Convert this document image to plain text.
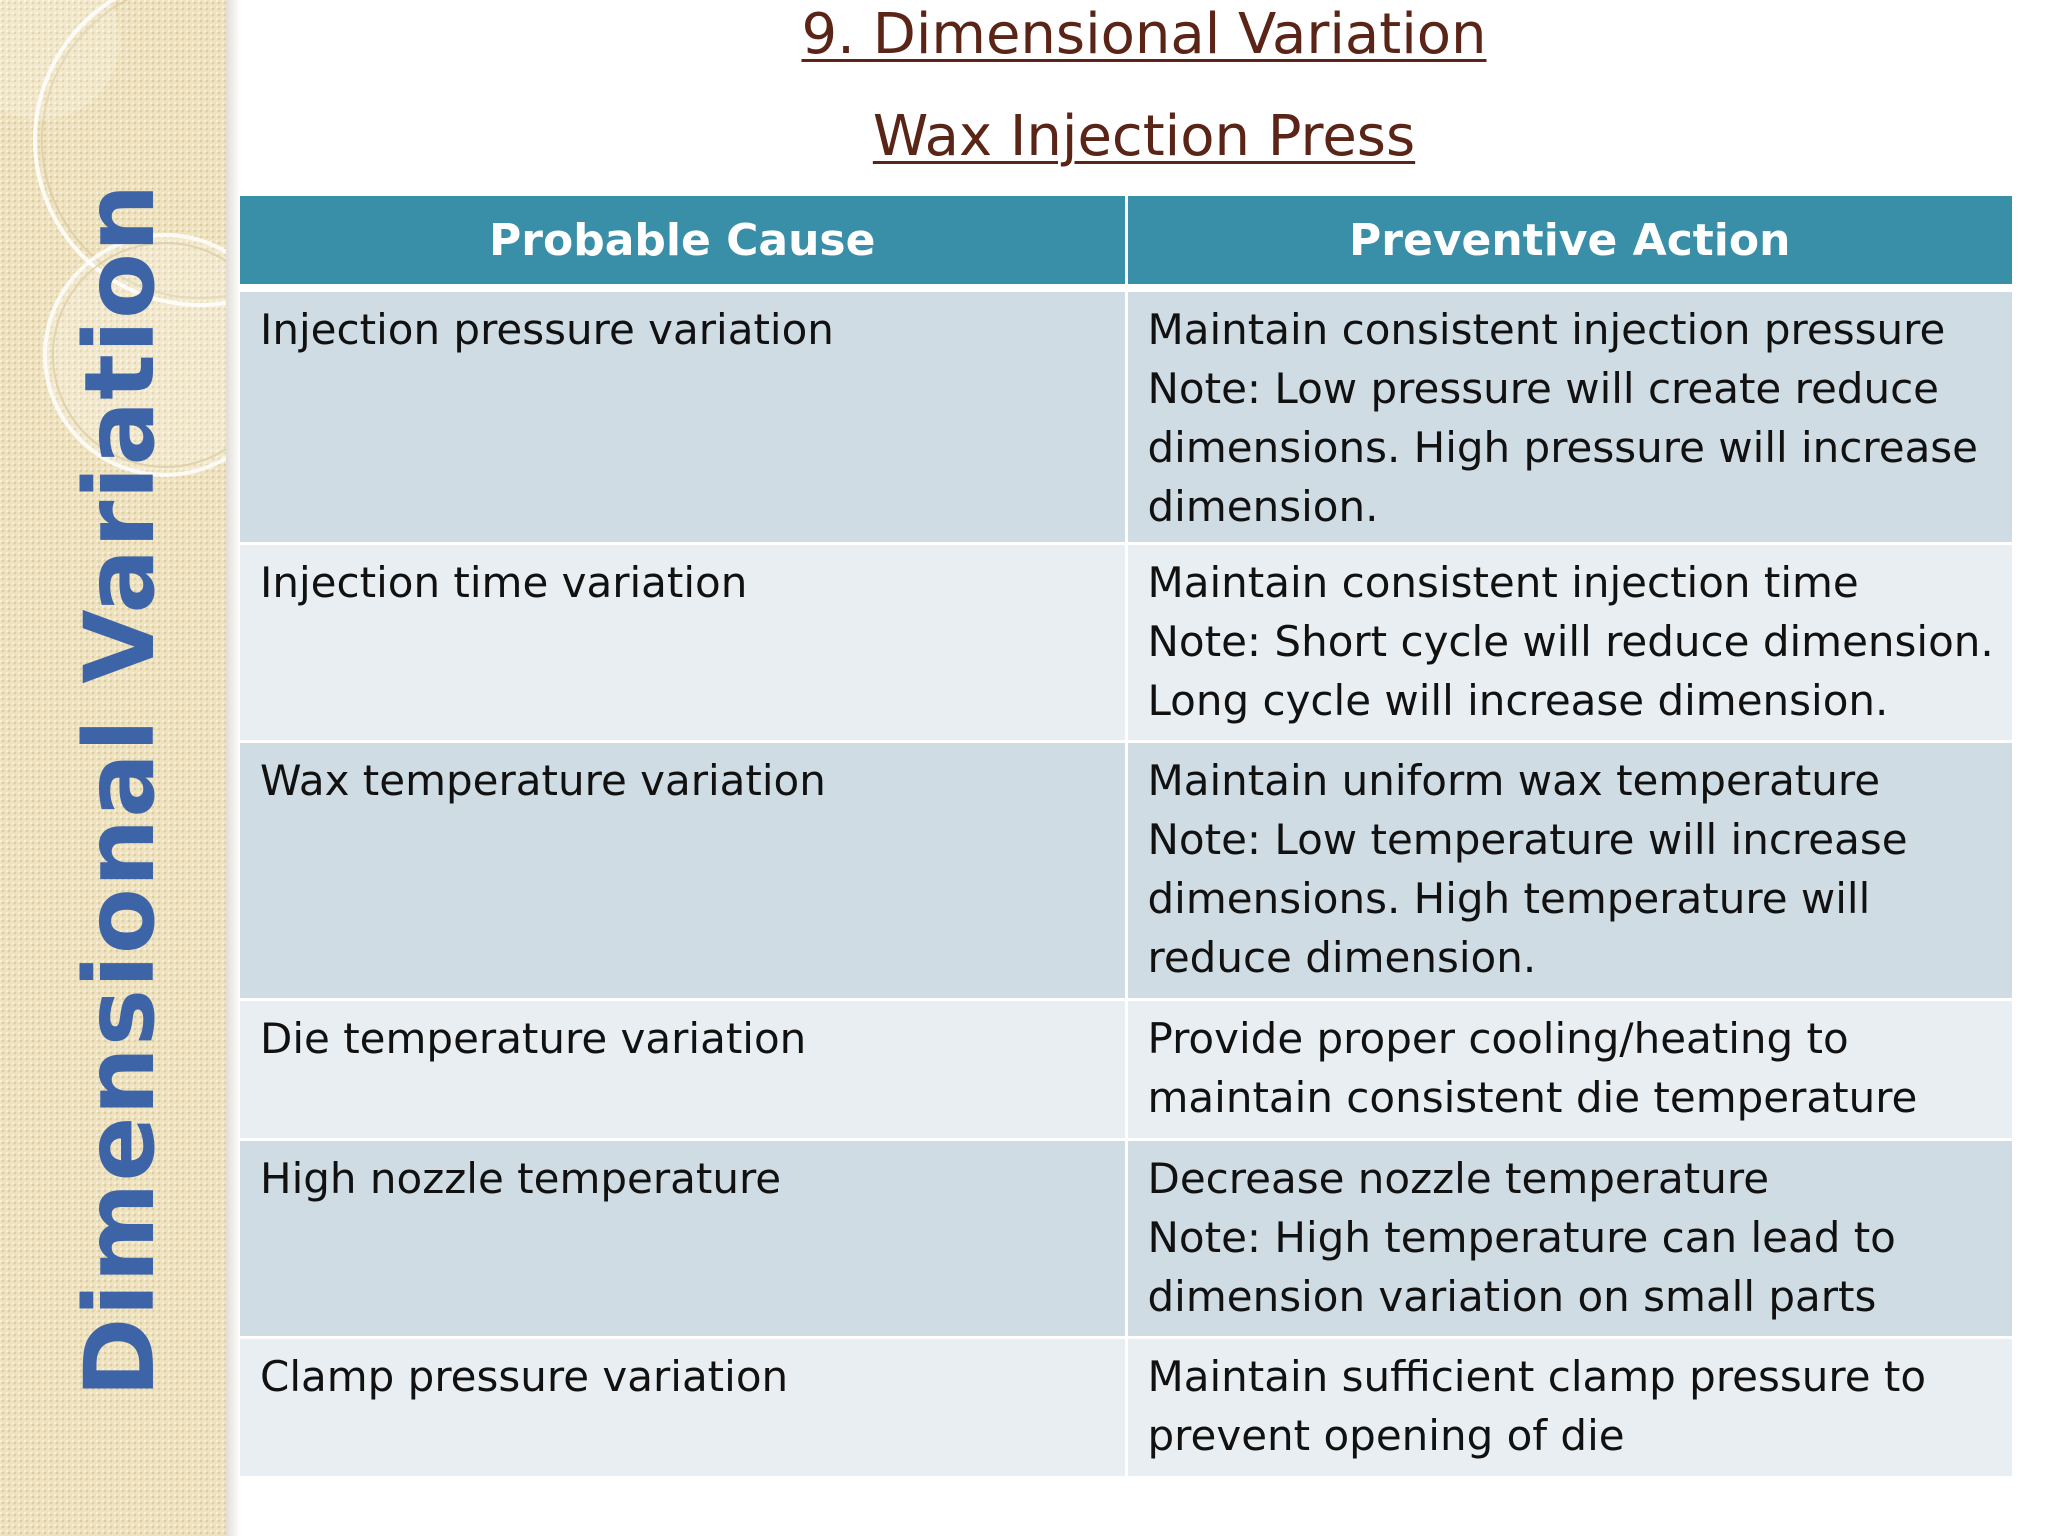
Dimensional Variation
9. Dimensional Variation
Wax Injection Press
Probable Cause	Preventive Action
Injection pressure variation	Maintain consistent injection pressure
Note: Low pressure will create reduce
dimensions. High pressure will increase
dimension.

Injection time variation	Maintain consistent injection time
Note: Short cycle will reduce dimension.
Long cycle will increase dimension.

Wax temperature variation	Maintain uniform wax temperature
Note: Low temperature will increase
dimensions. High temperature will
reduce dimension.

Die temperature variation	Provide proper cooling/heating to
maintain consistent die temperature

High nozzle temperature	Decrease nozzle temperature
Note: High temperature can lead to
dimension variation on small parts

Clamp pressure variation	Maintain sufficient clamp pressure to
prevent opening of die
